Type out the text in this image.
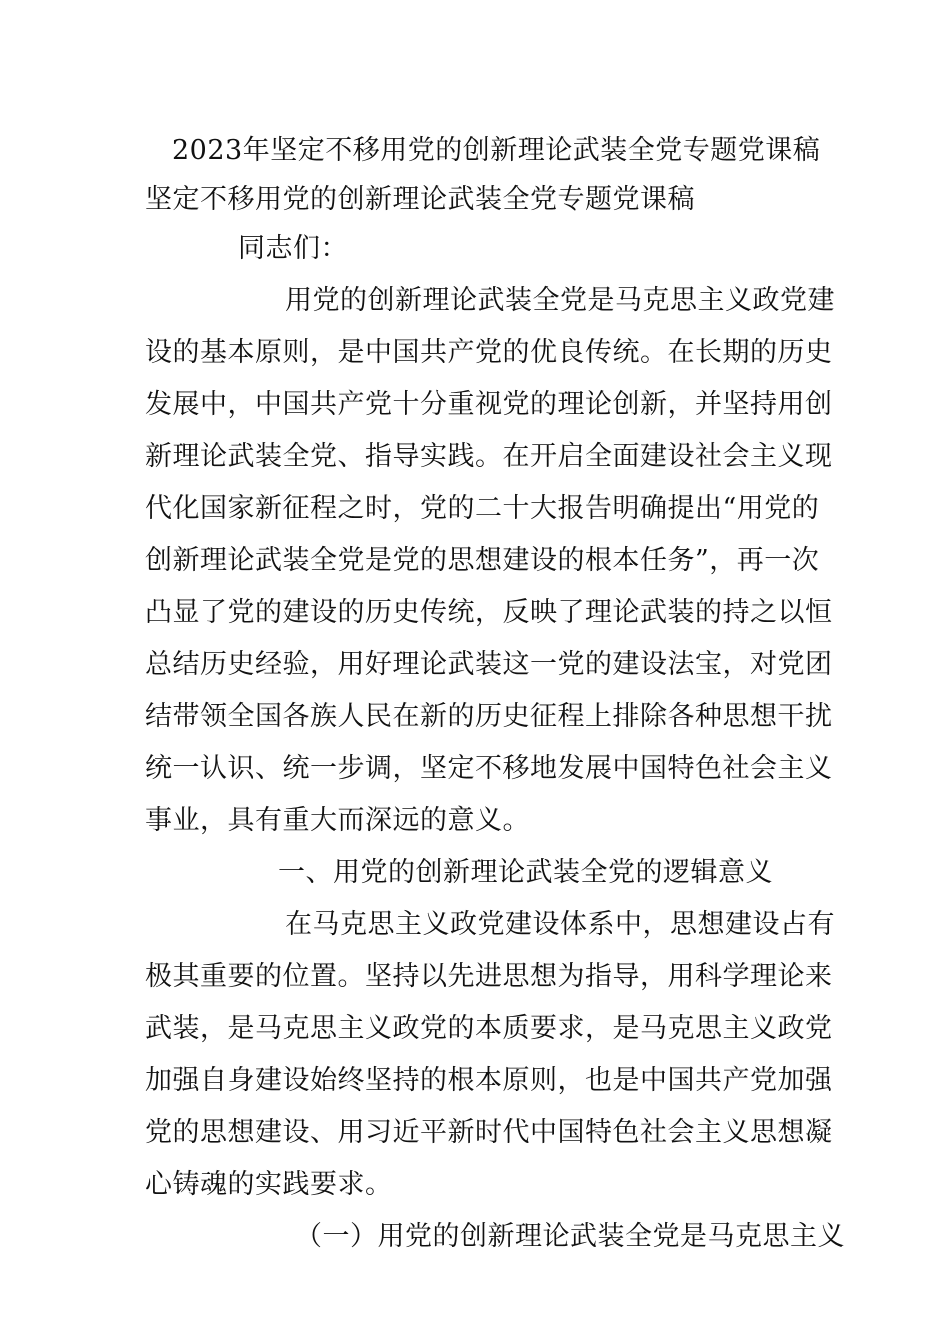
2023年坚定不移用党的创新理论武装全党专题党课稿
坚定不移用党的创新理论武装全党专题党课稿
同志们：
用党的创新理论武装全党是马克思主义政党建
设的基本原则，是中国共产党的优良传统。在长期的历史
发展中，中国共产党十分重视党的理论创新，并坚持用创
新理论武装全党、指导实践。在开启全面建设社会主义现
代化国家新征程之时，党的二十大报告明确提出“用党的
创新理论武装全党是党的思想建设的根本任务”，再一次
凸显了党的建设的历史传统，反映了理论武装的持之以恒
总结历史经验，用好理论武装这一党的建设法宝，对党团
结带领全国各族人民在新的历史征程上排除各种思想干扰
统一认识、统一步调，坚定不移地发展中国特色社会主义
事业，具有重大而深远的意义。
一、用党的创新理论武装全党的逻辑意义
在马克思主义政党建设体系中，思想建设占有
极其重要的位置。坚持以先进思想为指导，用科学理论来
武装，是马克思主义政党的本质要求，是马克思主义政党
加强自身建设始终坚持的根本原则，也是中国共产党加强
党的思想建设、用习近平新时代中国特色社会主义思想凝
心铸魂的实践要求。
（一）用党的创新理论武装全党是马克思主义
